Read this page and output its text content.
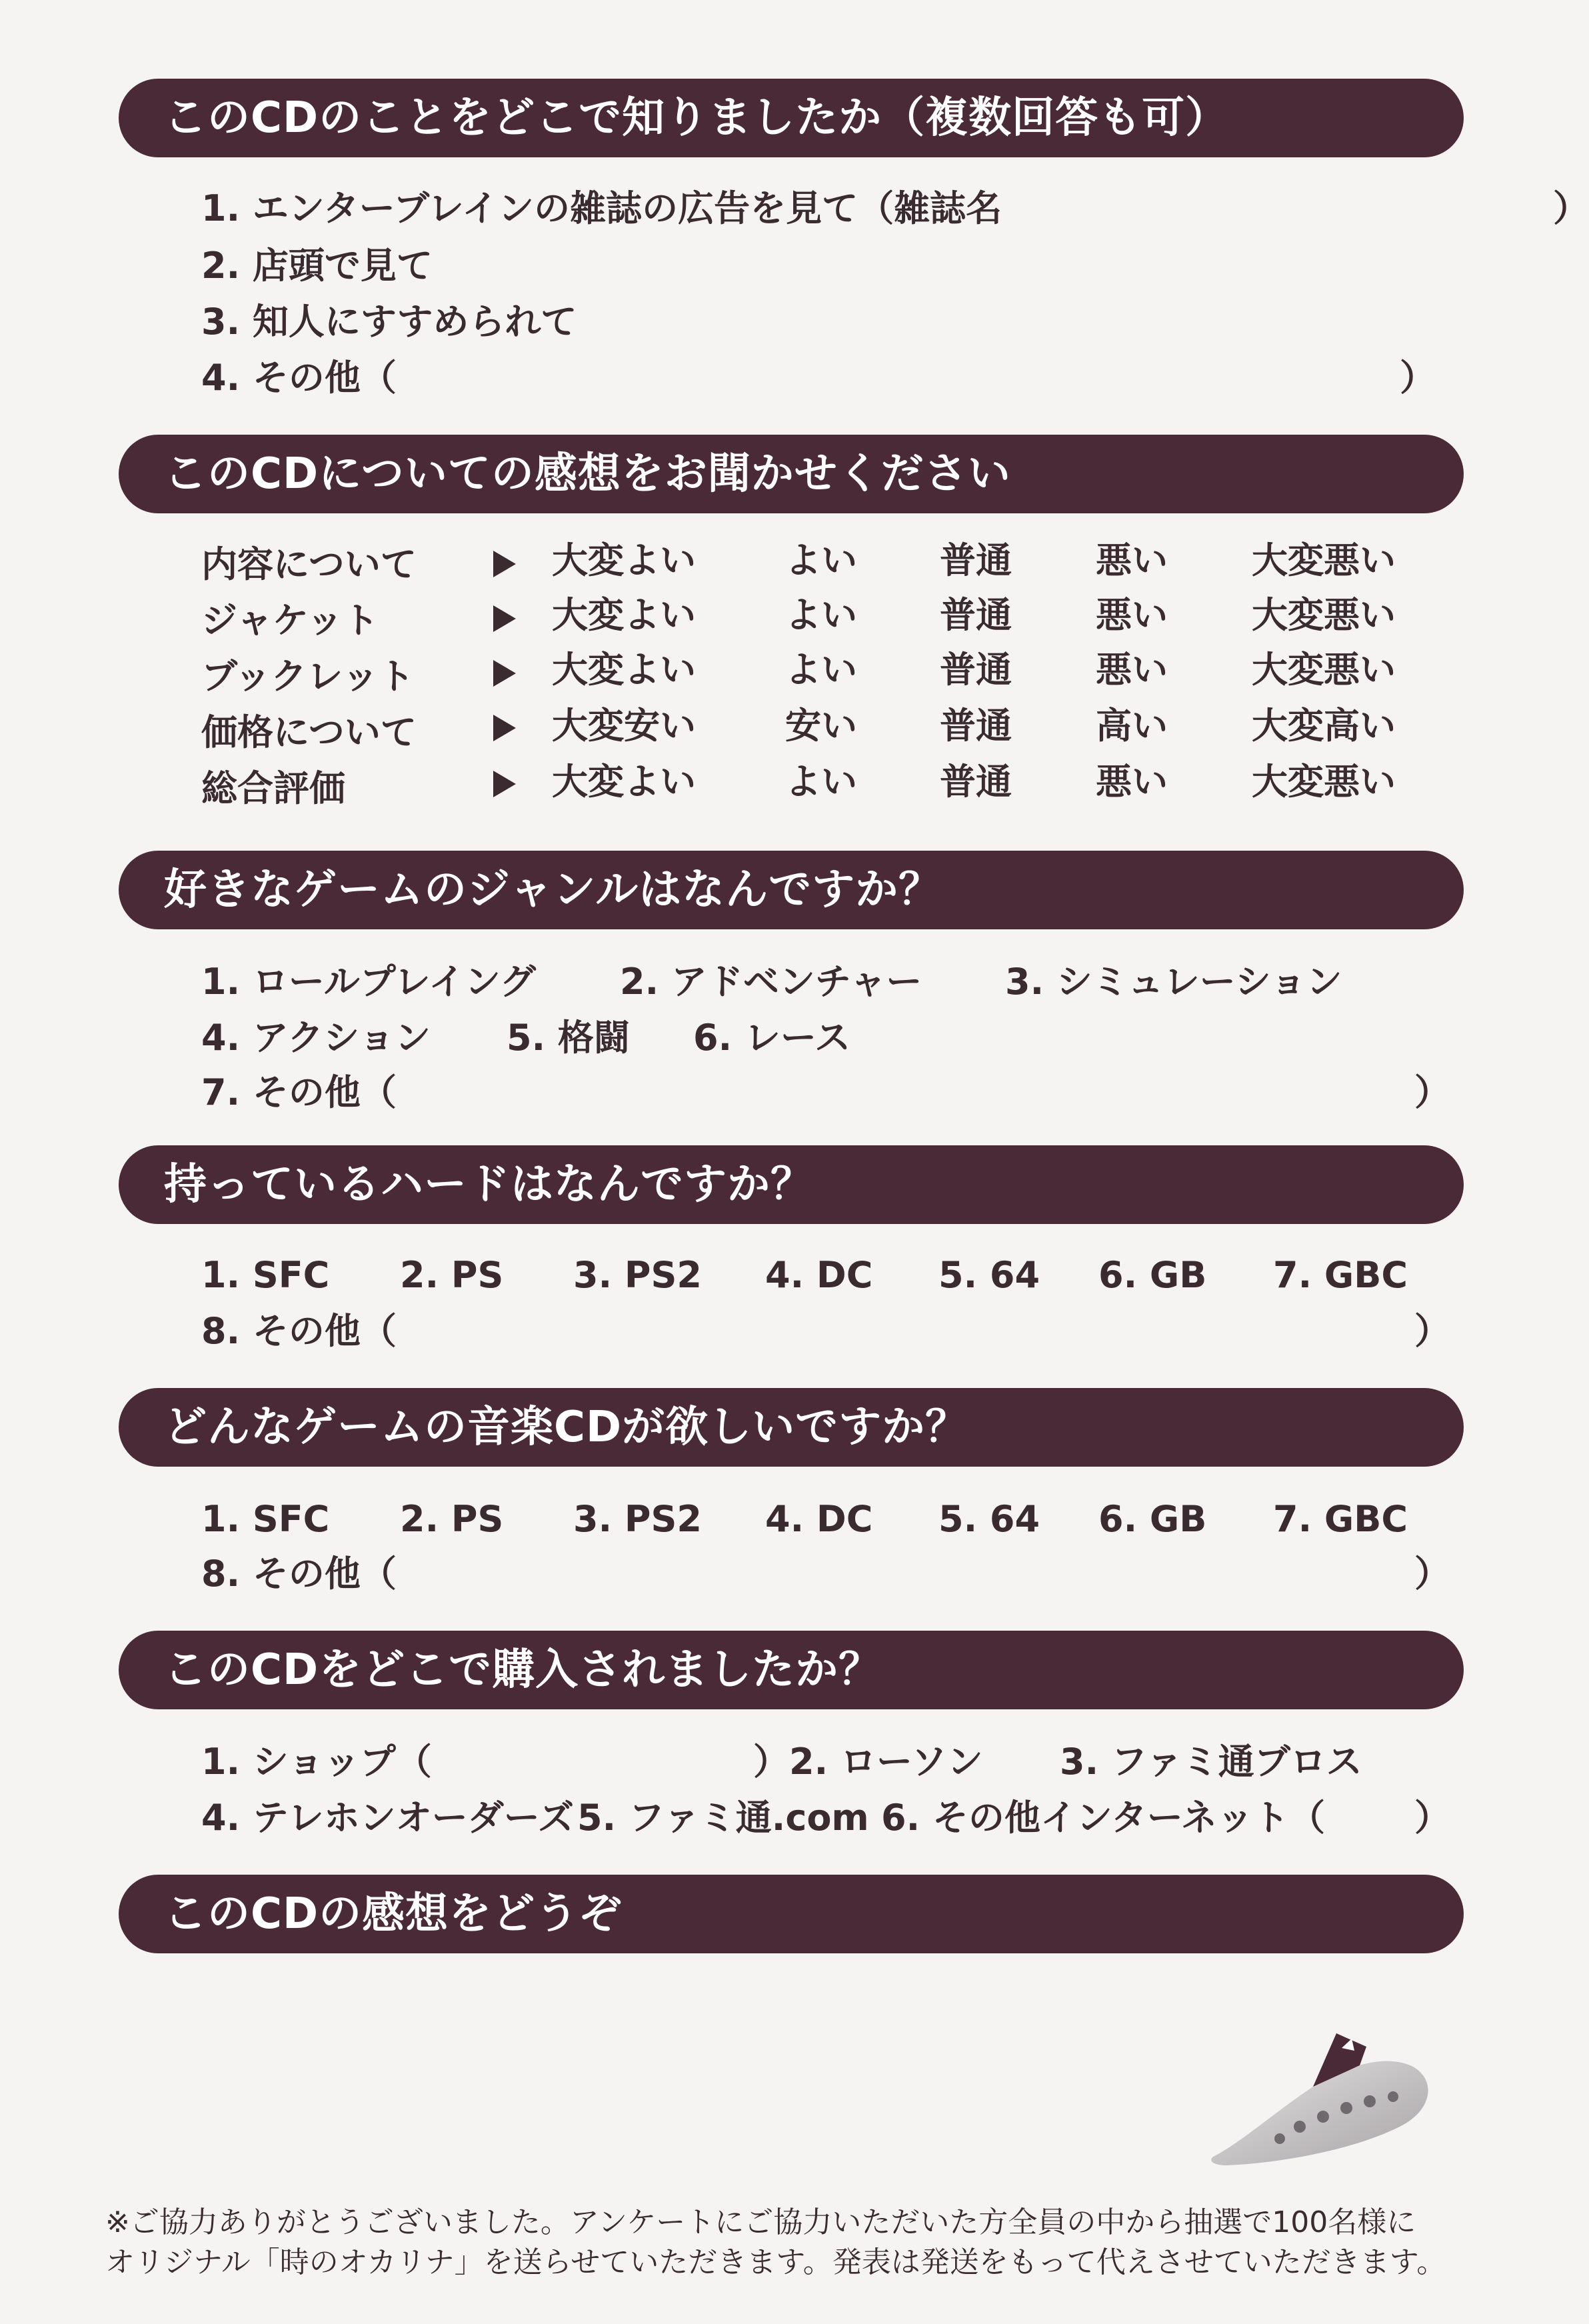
このCDのことをどこで知りましたか（複数回答も可）
1. エンターブレインの雑誌の広告を見て（雑誌名	）
2. 店頭で見て
3. 知人にすすめられて
4. その他（	）
このCDについての感想をお聞かせください
内容について	大変よい よい 普通 悪い 大変悪い
ジャケット	大変よい よい 普通 悪い 大変悪い
ブックレット	大変よい よい 普通 悪い 大変悪い
価格について	大変安い 安い 普通 高い 大変高い
総合評価	大変よい よい 普通 悪い 大変悪い
好きなゲームのジャンルはなんですか？
1. ロールプレイング 2. アドベンチャー 3. シミュレーション
4. アクション 5. 格闘 6. レース
7. その他（	）
持っているハードはなんですか？
1. SFC 2. PS 3. PS2 4. DC 5. 64 6. GB 7. GBC
8. その他（	）
どんなゲームの音楽CDが欲しいですか？
1. SFC 2. PS 3. PS2 4. DC 5. 64 6. GB 7. GBC
8. その他（	）
このCDをどこで購入されましたか？
1. ショップ（	）2. ローソン 3. ファミ通ブロス
4. テレホンオーダーズ 5. ファミ通.com 6. その他インターネット（ ）
このCDの感想をどうぞ
※ご協力ありがとうございました。アンケートにご協力いただいた方全員の中から抽選で100名様に
オリジナル「時のオカリナ」を送らせていただきます。発表は発送をもって代えさせていただきます。
